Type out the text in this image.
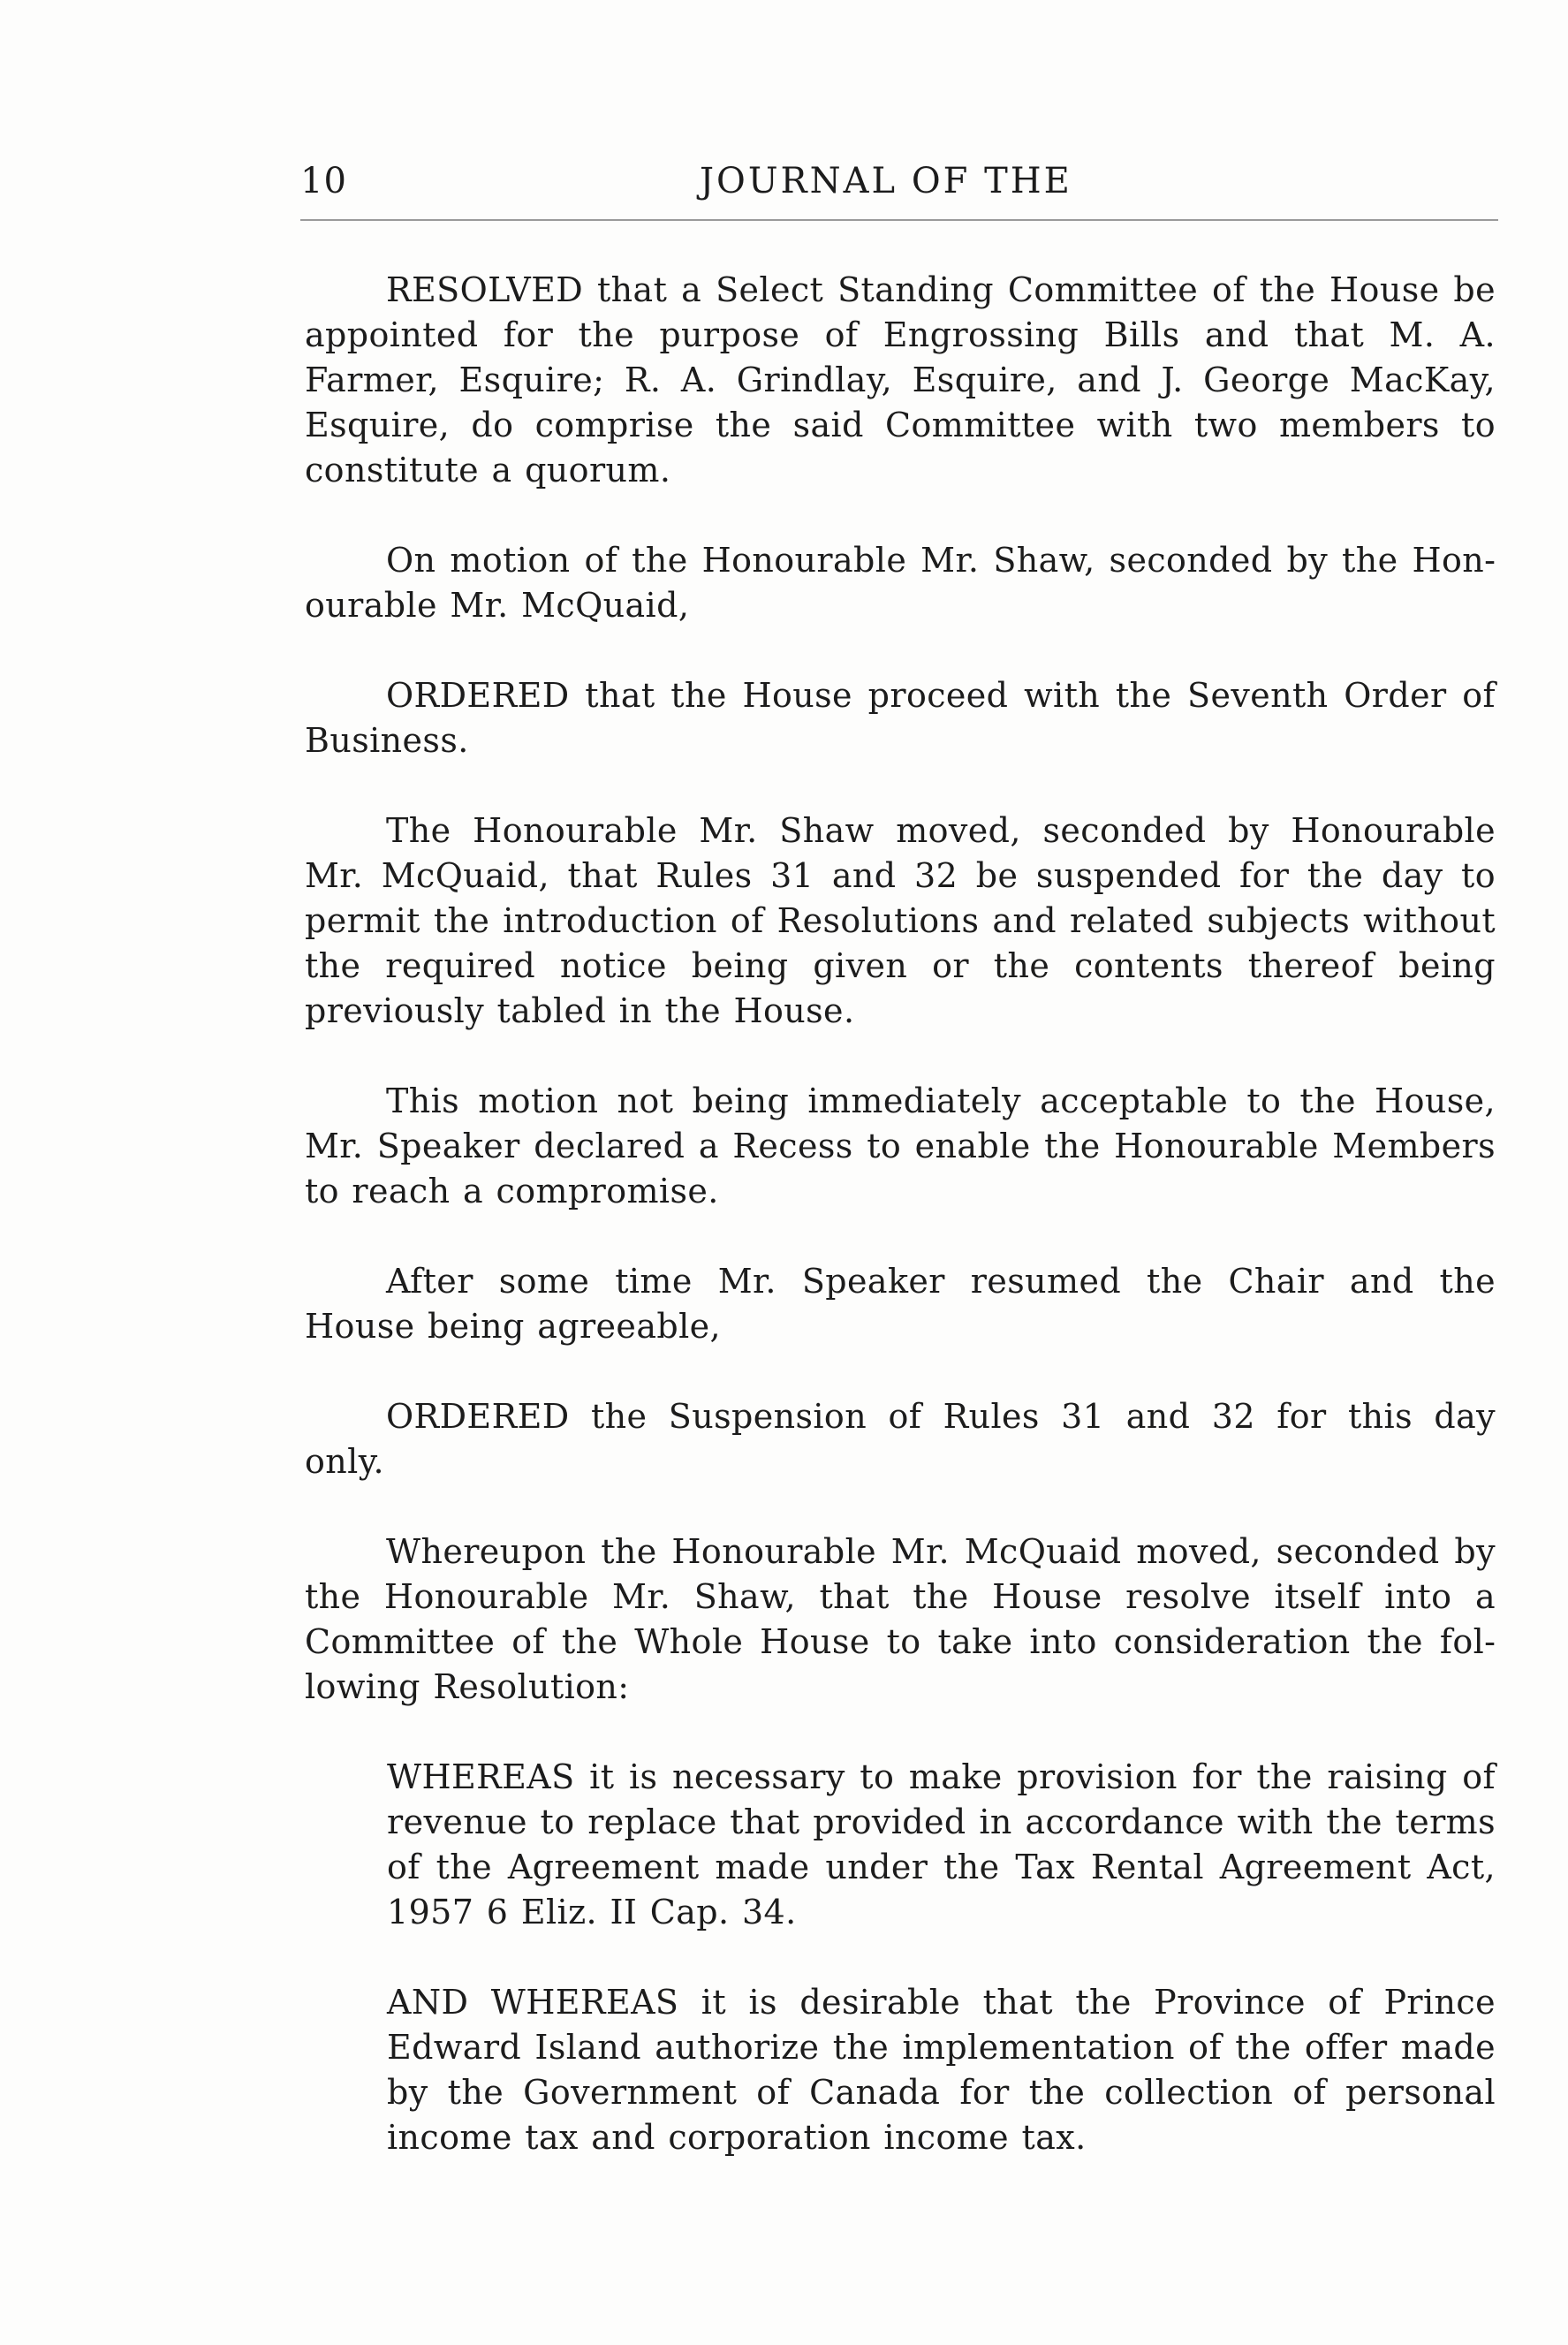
10	JOURNAL OF THE

RESOLVED that a Select Standing Committee of the House be appointed for the purpose of Engrossing Bills and that M. A. Farmer, Esquire; R. A. Grindlay, Esquire, and J. George MacKay, Esquire, do comprise the said Committee with two members to constitute a quorum.

On motion of the Honourable Mr. Shaw, seconded by the Honourable Mr. McQuaid,

ORDERED that the House proceed with the Seventh Order of Business.

The Honourable Mr. Shaw moved, seconded by Honourable Mr. McQuaid, that Rules 31 and 32 be suspended for the day to permit the introduction of Resolutions and related subjects without the required notice being given or the contents thereof being previously tabled in the House.

This motion not being immediately acceptable to the House, Mr. Speaker declared a Recess to enable the Honourable Members to reach a compromise.

After some time Mr. Speaker resumed the Chair and the House being agreeable,

ORDERED the Suspension of Rules 31 and 32 for this day only.

Whereupon the Honourable Mr. McQuaid moved, seconded by the Honourable Mr. Shaw, that the House resolve itself into a Committee of the Whole House to take into consideration the following Resolution:

WHEREAS it is necessary to make provision for the raising of revenue to replace that provided in accordance with the terms of the Agreement made under the Tax Rental Agreement Act, 1957 6 Eliz. II Cap. 34.

AND WHEREAS it is desirable that the Province of Prince Edward Island authorize the implementation of the offer made by the Government of Canada for the collection of personal income tax and corporation income tax.
